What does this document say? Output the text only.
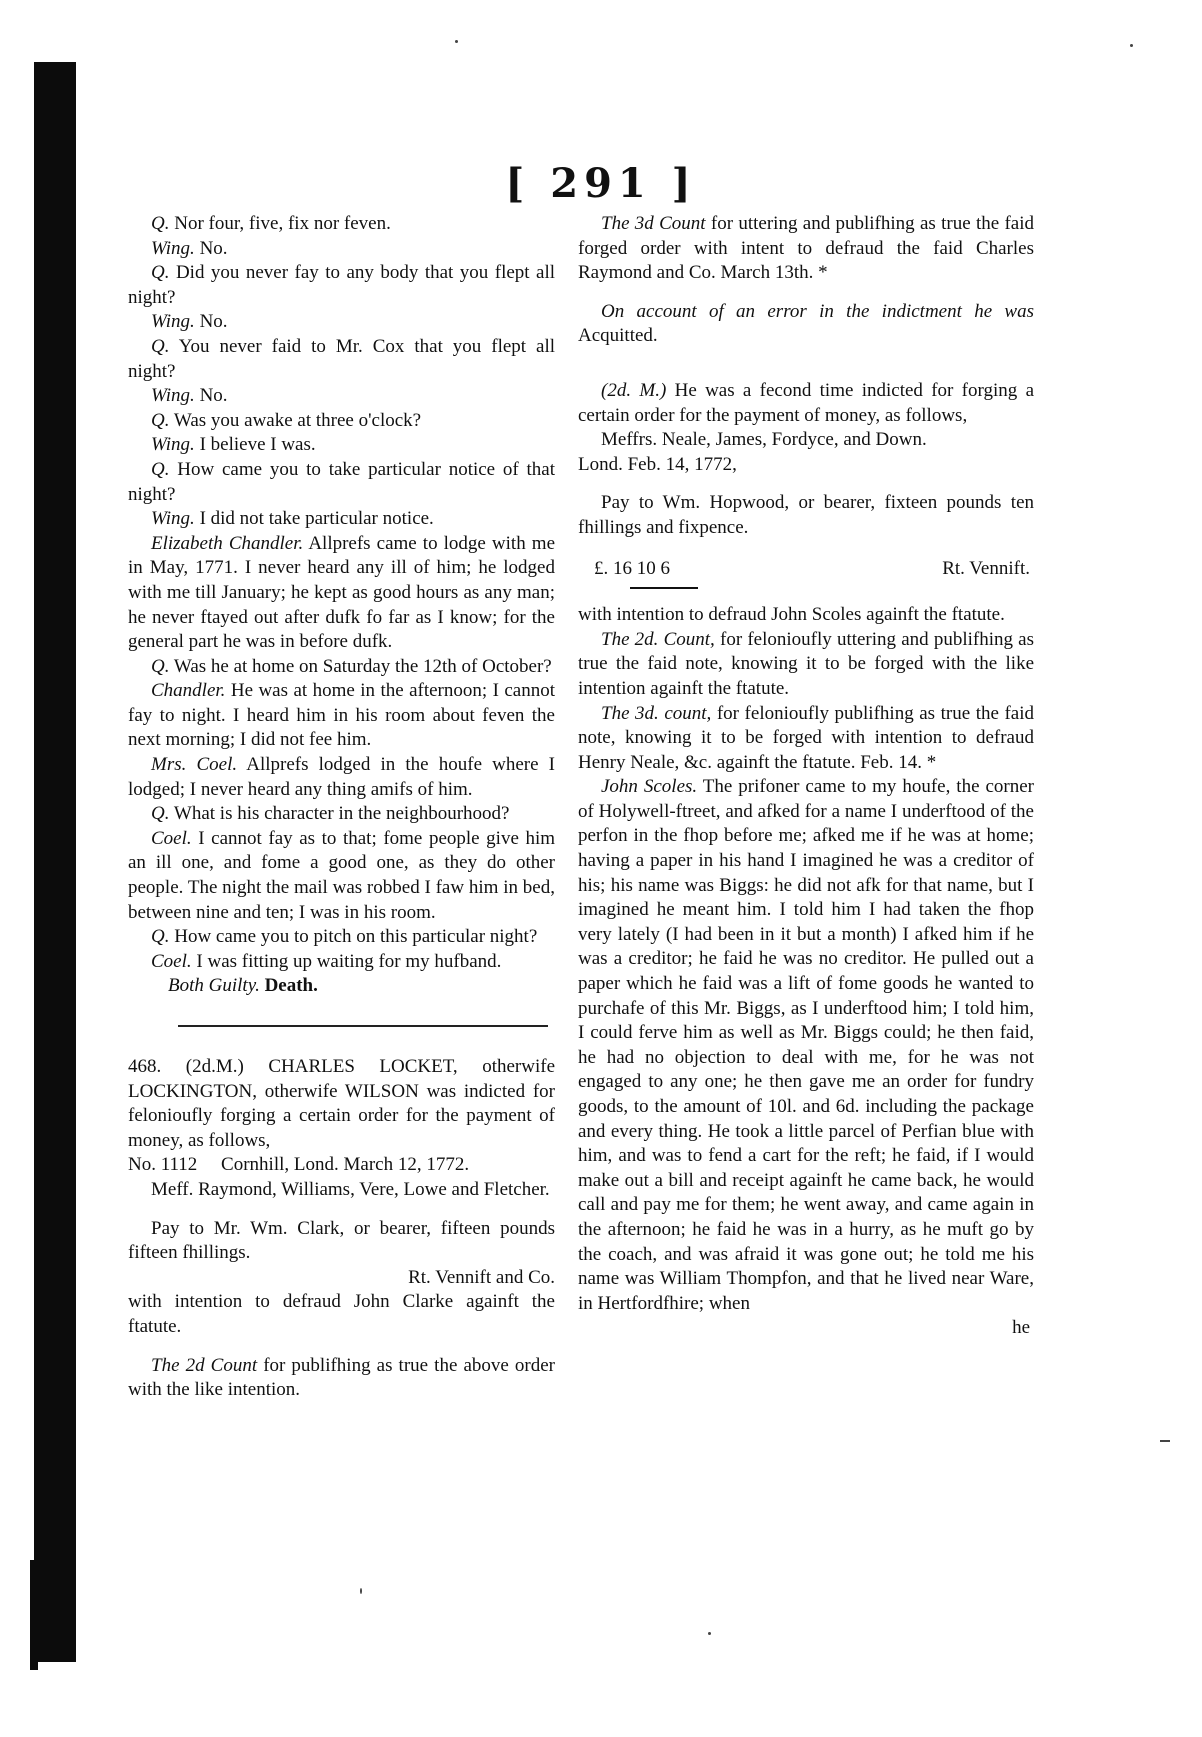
[ 291 ]

Q. Nor four, five, fix nor feven.

Wing. No.

Q. Did you never fay to any body that you flept all night?

Wing. No.

Q. You never faid to Mr. Cox that you flept all night?

Wing. No.

Q. Was you awake at three o'clock?

Wing. I believe I was.

Q. How came you to take particular notice of that night?

Wing. I did not take particular notice.

Elizabeth Chandler. Allprefs came to lodge with me in May, 1771. I never heard any ill of him; he lodged with me till January; he kept as good hours as any man; he never ftayed out after dufk fo far as I know; for the general part he was in before dufk.

Q. Was he at home on Saturday the 12th of October?

Chandler. He was at home in the afternoon; I cannot fay to night. I heard him in his room about feven the next morning; I did not fee him.

Mrs. Coel. Allprefs lodged in the houfe where I lodged; I never heard any thing amifs of him.

Q. What is his character in the neighbourhood?

Coel. I cannot fay as to that; fome people give him an ill one, and fome a good one, as they do other people. The night the mail was robbed I faw him in bed, between nine and ten; I was in his room.

Q. How came you to pitch on this particular night?

Coel. I was fitting up waiting for my hufband.

Both Guilty. Death.

468. (2d.M.) CHARLES LOCKET, otherwife LOCKINGTON, otherwife WILSON was indicted for felonioufly forging a certain order for the payment of money, as follows,

No. 1112     Cornhill, Lond. March 12, 1772.

Meff. Raymond, Williams, Vere, Lowe and Fletcher.

Pay to Mr. Wm. Clark, or bearer, fifteen pounds fifteen fhillings.

Rt. Vennift and Co.

with intention to defraud John Clarke againft the ftatute.

The 2d Count for publifhing as true the above order with the like intention.

The 3d Count for uttering and publifhing as true the faid forged order with intent to defraud the faid Charles Raymond and Co. March 13th. *

On account of an error in the indictment he was Acquitted.

(2d. M.) He was a fecond time indicted for forging a certain order for the payment of money, as follows,

Meffrs. Neale, James, Fordyce, and Down.

Lond. Feb. 14, 1772,

Pay to Wm. Hopwood, or bearer, fixteen pounds ten fhillings and fixpence.

£. 16 10 6	Rt. Vennift.

with intention to defraud John Scoles againft the ftatute.

The 2d. Count, for felonioufly uttering and publifhing as true the faid note, knowing it to be forged with the like intention againft the ftatute.

The 3d. count, for felonioufly publifhing as true the faid note, knowing it to be forged with intention to defraud Henry Neale, &c. againft the ftatute. Feb. 14. *

John Scoles. The prifoner came to my houfe, the corner of Holywell-ftreet, and afked for a name I underftood of the perfon in the fhop before me; afked me if he was at home; having a paper in his hand I imagined he was a creditor of his; his name was Biggs: he did not afk for that name, but I imagined he meant him. I told him I had taken the fhop very lately (I had been in it but a month) I afked him if he was a creditor; he faid he was no creditor. He pulled out a paper which he faid was a lift of fome goods he wanted to purchafe of this Mr. Biggs, as I underftood him; I told him, I could ferve him as well as Mr. Biggs could; he then faid, he had no objection to deal with me, for he was not engaged to any one; he then gave me an order for fundry goods, to the amount of 10l. and 6d. including the package and every thing. He took a little parcel of Perfian blue with him, and was to fend a cart for the reft; he faid, if I would make out a bill and receipt againft he came back, he would call and pay me for them; he went away, and came again in the afternoon; he faid he was in a hurry, as he muft go by the coach, and was afraid it was gone out; he told me his name was William Thompfon, and that he lived near Ware, in Hertfordfhire; when

he
